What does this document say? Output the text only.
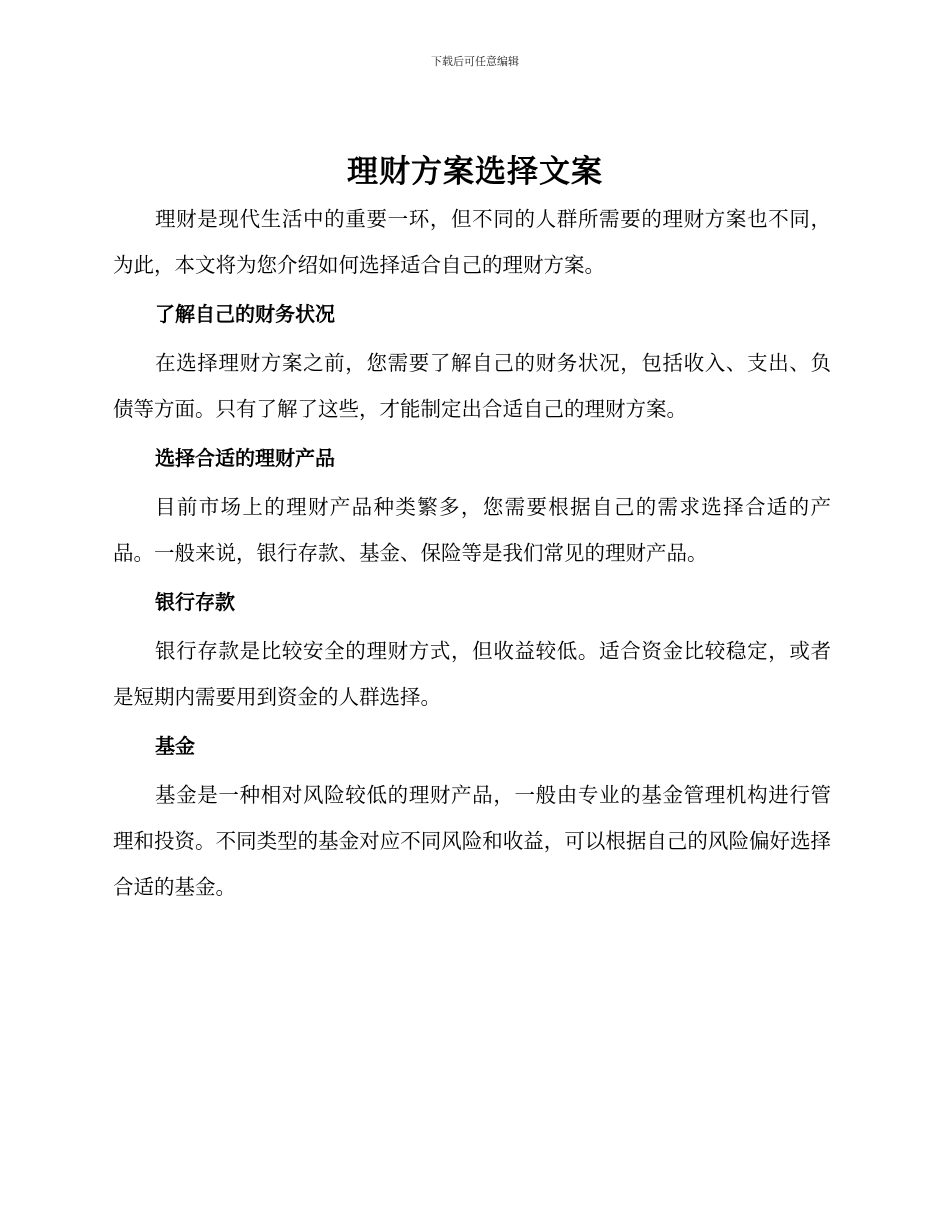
下载后可任意编辑
理财方案选择文案

理财是现代生活中的重要一环，但不同的人群所需要的理财方案也不同，为此，本文将为您介绍如何选择适合自己的理财方案。

了解自己的财务状况

在选择理财方案之前，您需要了解自己的财务状况，包括收入、支出、负债等方面。只有了解了这些，才能制定出合适自己的理财方案。

选择合适的理财产品

目前市场上的理财产品种类繁多，您需要根据自己的需求选择合适的产品。一般来说，银行存款、基金、保险等是我们常见的理财产品。

银行存款

银行存款是比较安全的理财方式，但收益较低。适合资金比较稳定，或者是短期内需要用到资金的人群选择。

基金

基金是一种相对风险较低的理财产品，一般由专业的基金管理机构进行管理和投资。不同类型的基金对应不同风险和收益，可以根据自己的风险偏好选择合适的基金。
